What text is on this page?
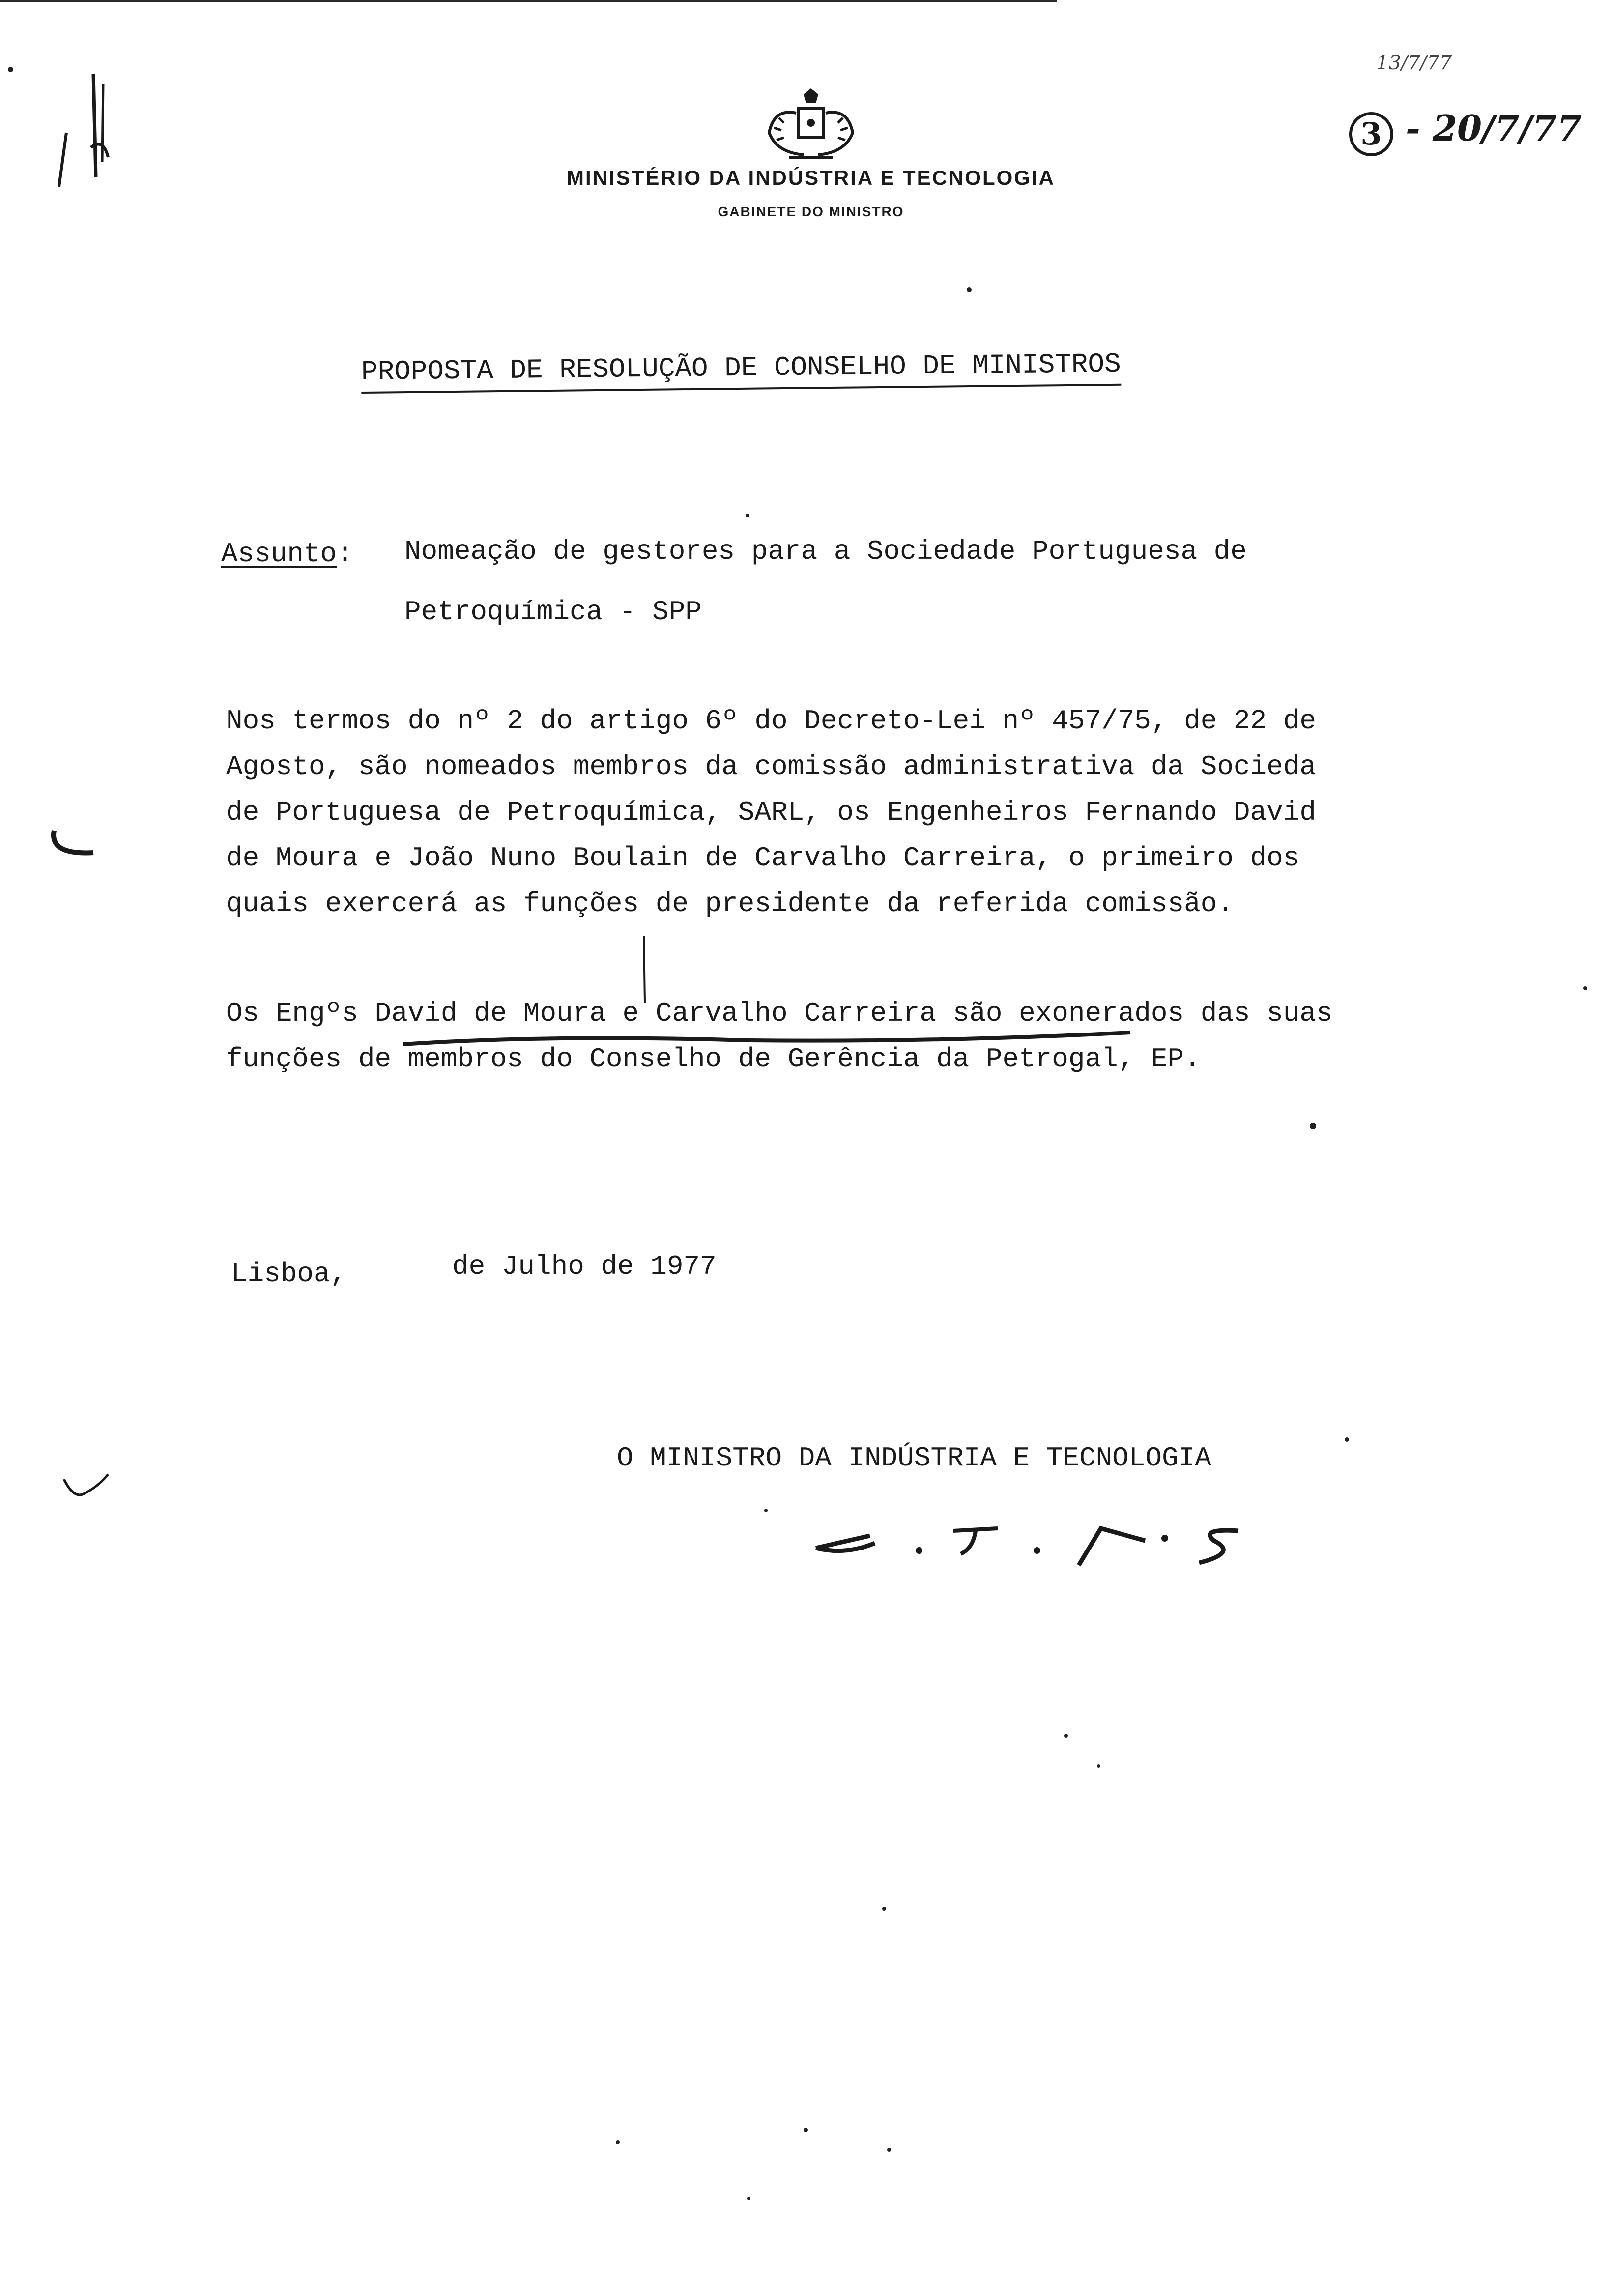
13/7/77
3 - 20/7/77
MINISTÉRIO DA INDÚSTRIA E TECNOLOGIA
GABINETE DO MINISTRO
PROPOSTA DE RESOLUÇÃO DE CONSELHO DE MINISTROS
Assunto: Nomeação de gestores para a Sociedade Portuguesa de
Petroquímica - SPP
Nos termos do nº 2 do artigo 6º do Decreto-Lei nº 457/75, de 22 de
Agosto, são nomeados membros da comissão administrativa da Socieda
de Portuguesa de Petroquímica, SARL, os Engenheiros Fernando David
de Moura e João Nuno Boulain de Carvalho Carreira, o primeiro dos
quais exercerá as funções de presidente da referida comissão.
Os Engºs David de Moura e Carvalho Carreira são exonerados das suas
funções de membros do Conselho de Gerência da Petrogal, EP.
Lisboa,	de Julho de 1977
O MINISTRO DA INDÚSTRIA E TECNOLOGIA
